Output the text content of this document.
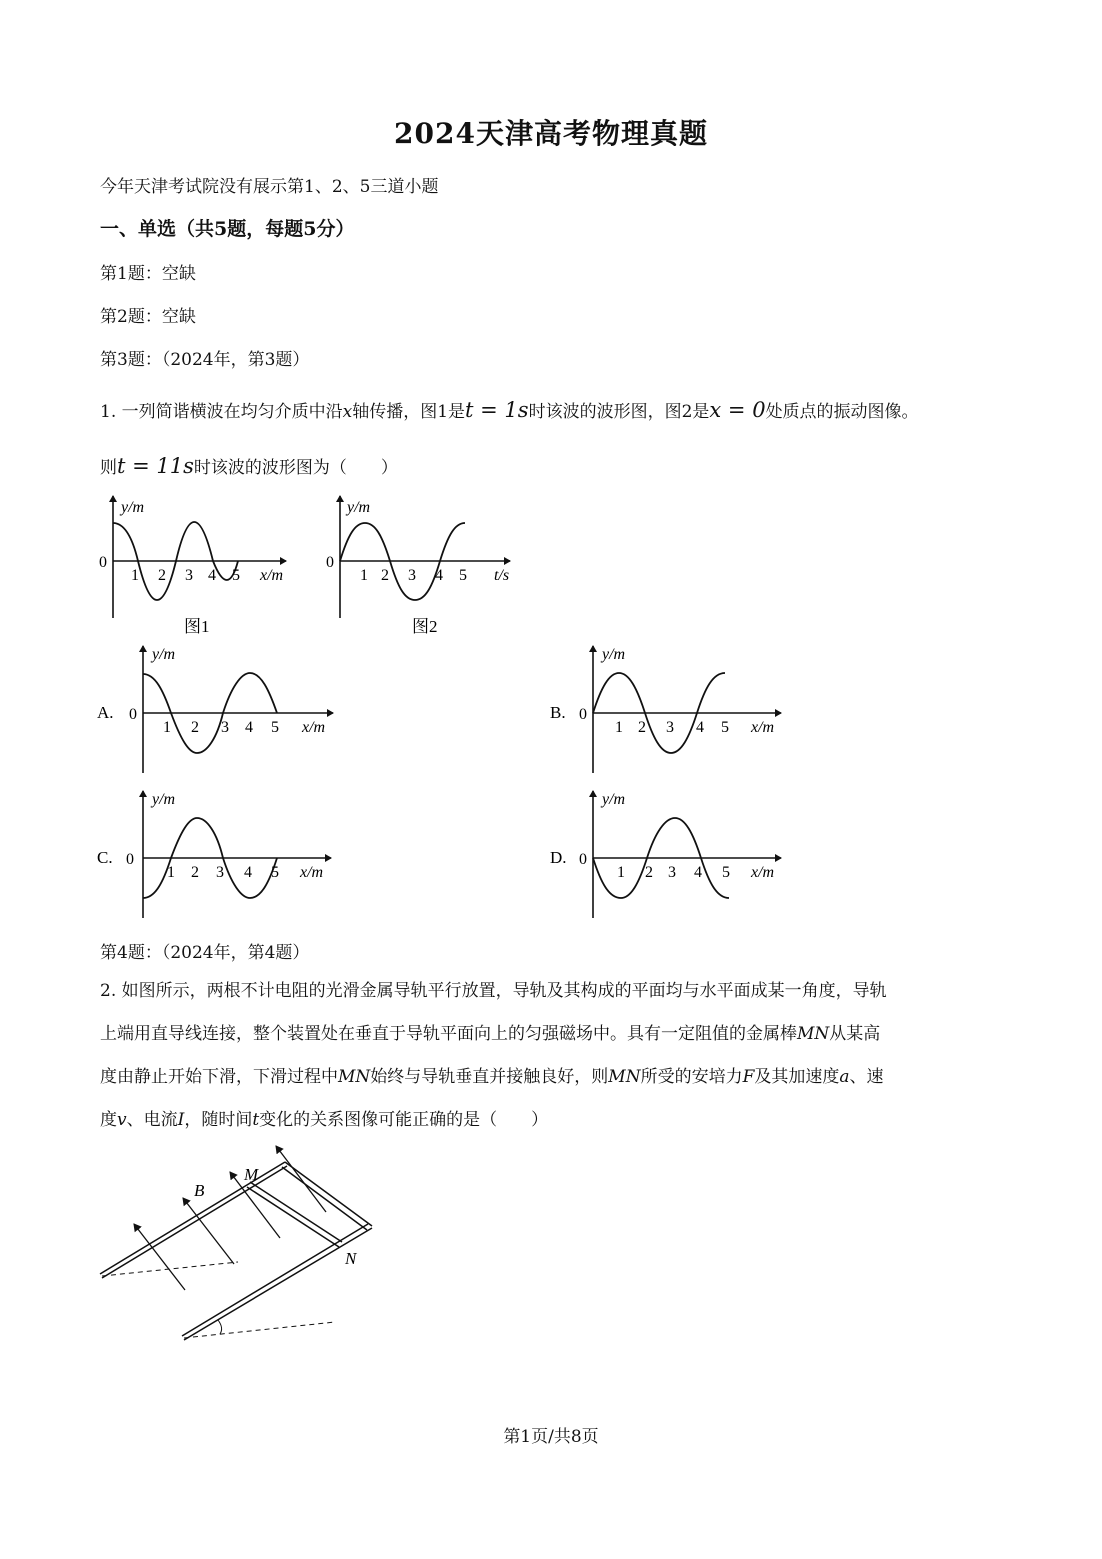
2024天津高考物理真题
今年天津考试院没有展示第1、2、5三道小题
一、单选（共5题，每题5分）
第1题：空缺
第2题：空缺
第3题：（2024年，第3题）
1. 一列简谐横波在均匀介质中沿x轴传播，图1是t = 1s时该波的波形图，图2是x = 0处质点的振动图像。
则t = 11s时该波的波形图为（　　）
y/m
0
1 2 3 4 5 x/m
图1
y/m
0
1 2 3 4 5 t/s
图2
A.
y/m
0
1 2 3 4 5 x/m
B.
y/m
0
1 2 3 4 5 x/m
C.
y/m
0
1 2 3 4 5 x/m
D.
y/m
0
1 2 3 4 5 x/m
第4题：（2024年，第4题）
2. 如图所示，两根不计电阻的光滑金属导轨平行放置，导轨及其构成的平面均与水平面成某一角度，导轨
上端用直导线连接，整个装置处在垂直于导轨平面向上的匀强磁场中。具有一定阻值的金属棒MN从某高
度由静止开始下滑，下滑过程中MN始终与导轨垂直并接触良好，则MN所受的安培力F及其加速度a、速
度v、电流I，随时间t变化的关系图像可能正确的是（　　）
B
M
N
第1页/共8页
